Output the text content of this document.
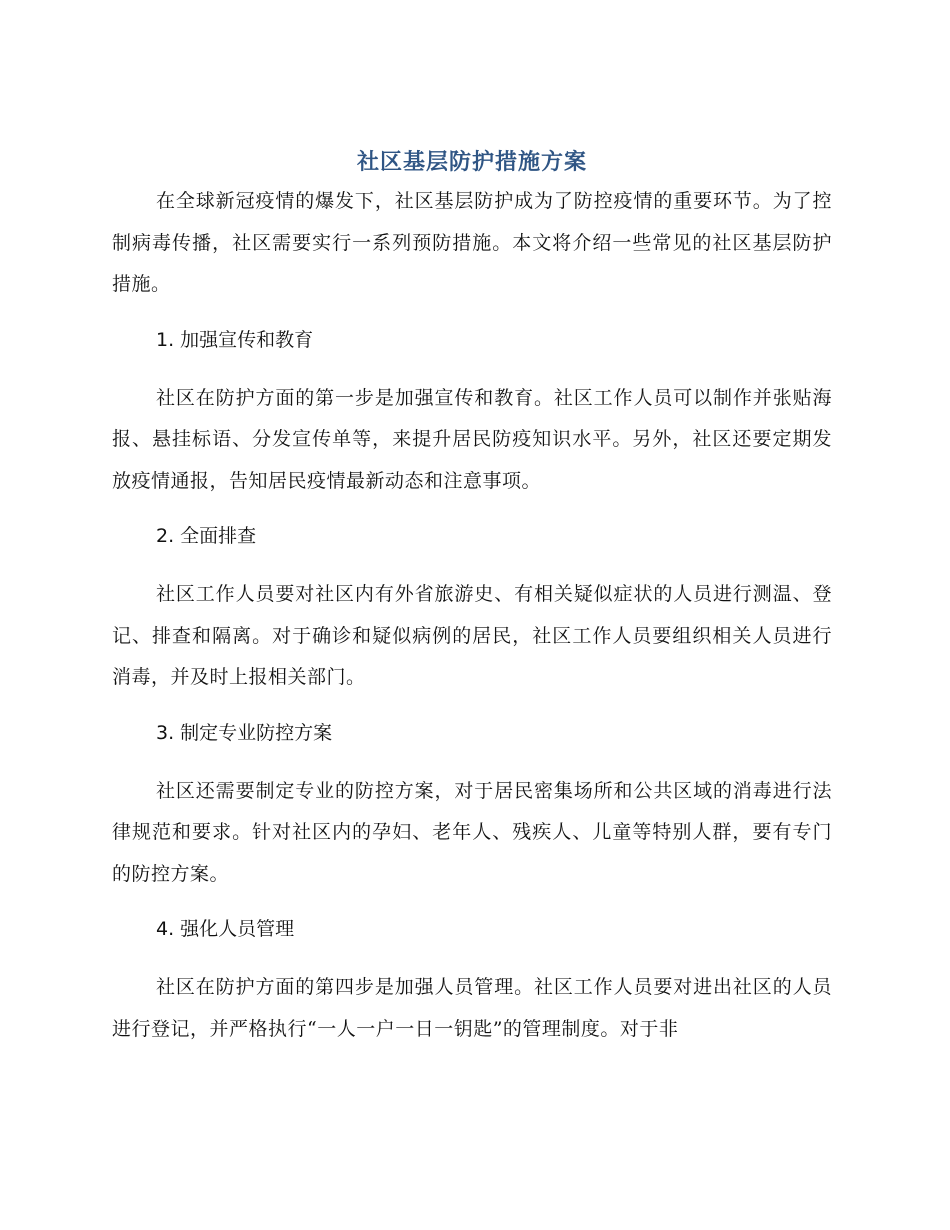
社区基层防护措施方案

在全球新冠疫情的爆发下，社区基层防护成为了防控疫情的重要环节。为了控制病毒传播，社区需要实行一系列预防措施。本文将介绍一些常见的社区基层防护措施。

1. 加强宣传和教育

社区在防护方面的第一步是加强宣传和教育。社区工作人员可以制作并张贴海报、悬挂标语、分发宣传单等，来提升居民防疫知识水平。另外，社区还要定期发放疫情通报，告知居民疫情最新动态和注意事项。

2. 全面排查

社区工作人员要对社区内有外省旅游史、有相关疑似症状的人员进行测温、登记、排查和隔离。对于确诊和疑似病例的居民，社区工作人员要组织相关人员进行消毒，并及时上报相关部门。

3. 制定专业防控方案

社区还需要制定专业的防控方案，对于居民密集场所和公共区域的消毒进行法律规范和要求。针对社区内的孕妇、老年人、残疾人、儿童等特别人群，要有专门的防控方案。

4. 强化人员管理

社区在防护方面的第四步是加强人员管理。社区工作人员要对进出社区的人员进行登记，并严格执行“一人一户一日一钥匙”的管理制度。对于非
